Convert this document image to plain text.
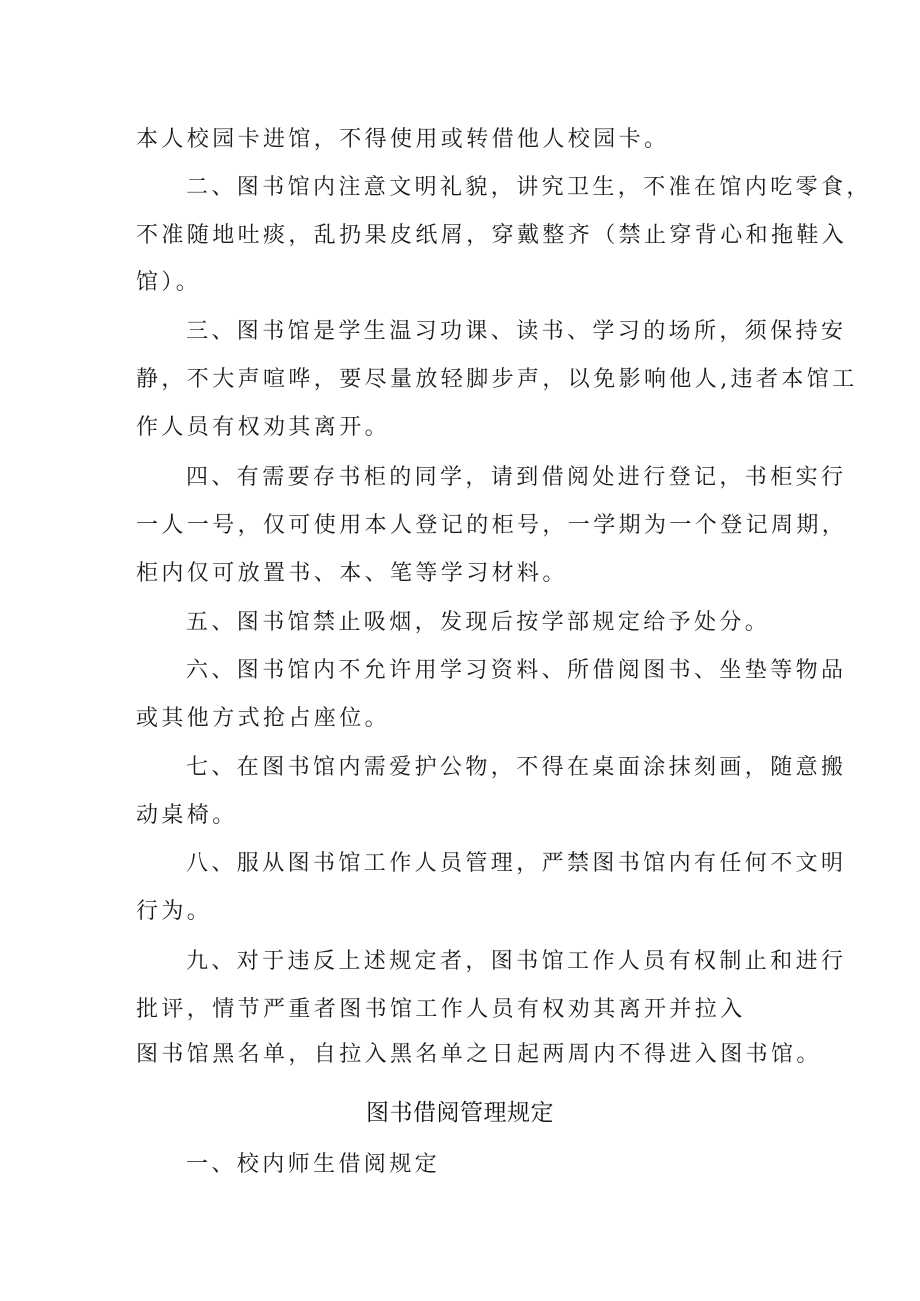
本人校园卡进馆，不得使用或转借他人校园卡。
二、图书馆内注意文明礼貌，讲究卫生，不准在馆内吃零食，
不准随地吐痰，乱扔果皮纸屑，穿戴整齐（禁止穿背心和拖鞋入
馆）。
三、图书馆是学生温习功课、读书、学习的场所，须保持安
静，不大声喧哗，要尽量放轻脚步声，以免影响他人,违者本馆工
作人员有权劝其离开。
四、有需要存书柜的同学，请到借阅处进行登记，书柜实行
一人一号，仅可使用本人登记的柜号，一学期为一个登记周期，
柜内仅可放置书、本、笔等学习材料。
五、图书馆禁止吸烟，发现后按学部规定给予处分。
六、图书馆内不允许用学习资料、所借阅图书、坐垫等物品
或其他方式抢占座位。
七、在图书馆内需爱护公物，不得在桌面涂抹刻画，随意搬
动桌椅。
八、服从图书馆工作人员管理，严禁图书馆内有任何不文明
行为。
九、对于违反上述规定者，图书馆工作人员有权制止和进行
批评，情节严重者图书馆工作人员有权劝其离开并拉入
图书馆黑名单，自拉入黑名单之日起两周内不得进入图书馆。
图书借阅管理规定
一、校内师生借阅规定
